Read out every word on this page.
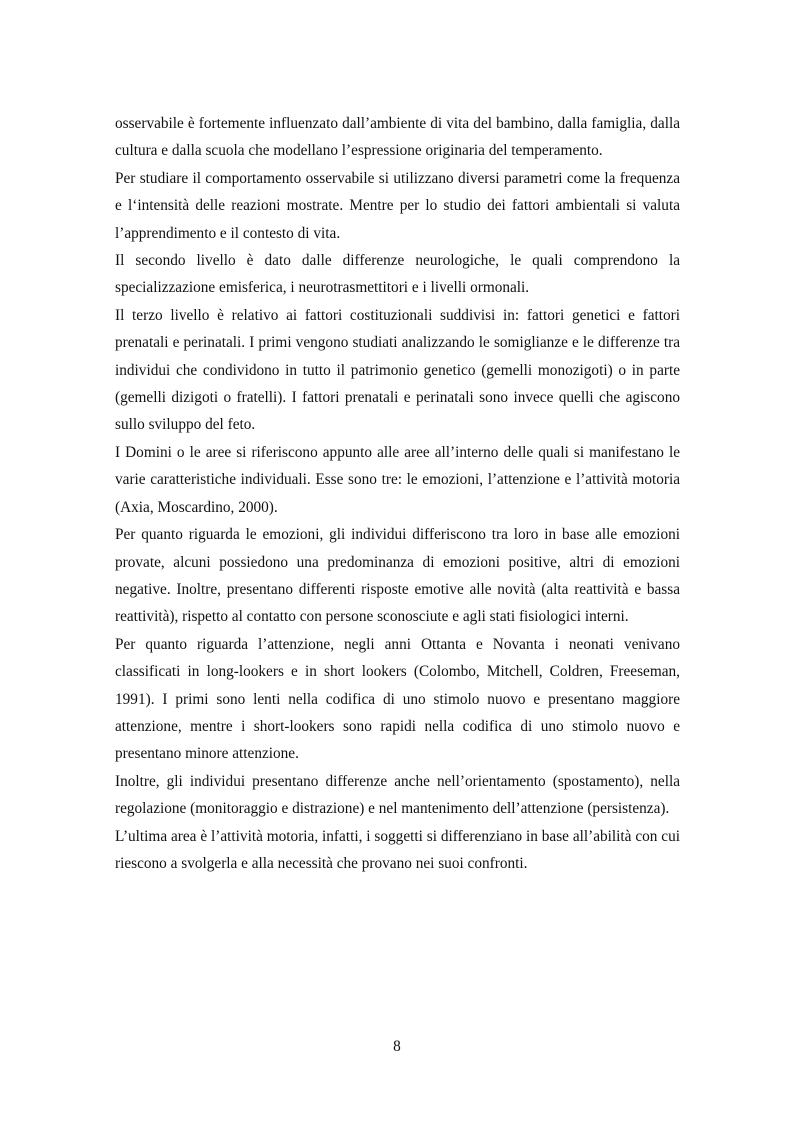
osservabile è fortemente influenzato dall’ambiente di vita del bambino, dalla famiglia, dalla cultura e dalla scuola che modellano l’espressione originaria del temperamento.

Per studiare il comportamento osservabile si utilizzano diversi parametri come la frequenza e l‘intensità delle reazioni mostrate. Mentre per lo studio dei fattori ambientali si valuta l’apprendimento e il contesto di vita.

Il secondo livello è dato dalle differenze neurologiche, le quali comprendono la specializzazione emisferica, i neurotrasmettitori e i livelli ormonali.

Il terzo livello è relativo ai fattori costituzionali suddivisi in: fattori genetici e fattori prenatali e perinatali. I primi vengono studiati analizzando le somiglianze e le differenze tra individui che condividono in tutto il patrimonio genetico (gemelli monozigoti) o in parte (gemelli dizigoti o fratelli). I fattori prenatali e perinatali sono invece quelli che agiscono sullo sviluppo del feto.

I Domini o le aree si riferiscono appunto alle aree all’interno delle quali si manifestano le varie caratteristiche individuali. Esse sono tre: le emozioni, l’attenzione e l’attività motoria (Axia, Moscardino, 2000).

Per quanto riguarda le emozioni, gli individui differiscono tra loro in base alle emozioni provate, alcuni possiedono una predominanza di emozioni positive, altri di emozioni negative. Inoltre, presentano differenti risposte emotive alle novità (alta reattività e bassa reattività), rispetto al contatto con persone sconosciute e agli stati fisiologici interni.

Per quanto riguarda l’attenzione, negli anni Ottanta e Novanta i neonati venivano classificati in long-lookers e in short lookers (Colombo, Mitchell, Coldren, Freeseman, 1991). I primi sono lenti nella codifica di uno stimolo nuovo e presentano maggiore attenzione, mentre i short-lookers sono rapidi nella codifica di uno stimolo nuovo e presentano minore attenzione.

Inoltre, gli individui presentano differenze anche nell’orientamento (spostamento), nella regolazione (monitoraggio e distrazione) e nel mantenimento dell’attenzione (persistenza).

L’ultima area è l’attività motoria, infatti, i soggetti si differenziano in base all’abilità con cui riescono a svolgerla e alla necessità che provano nei suoi confronti.

8
